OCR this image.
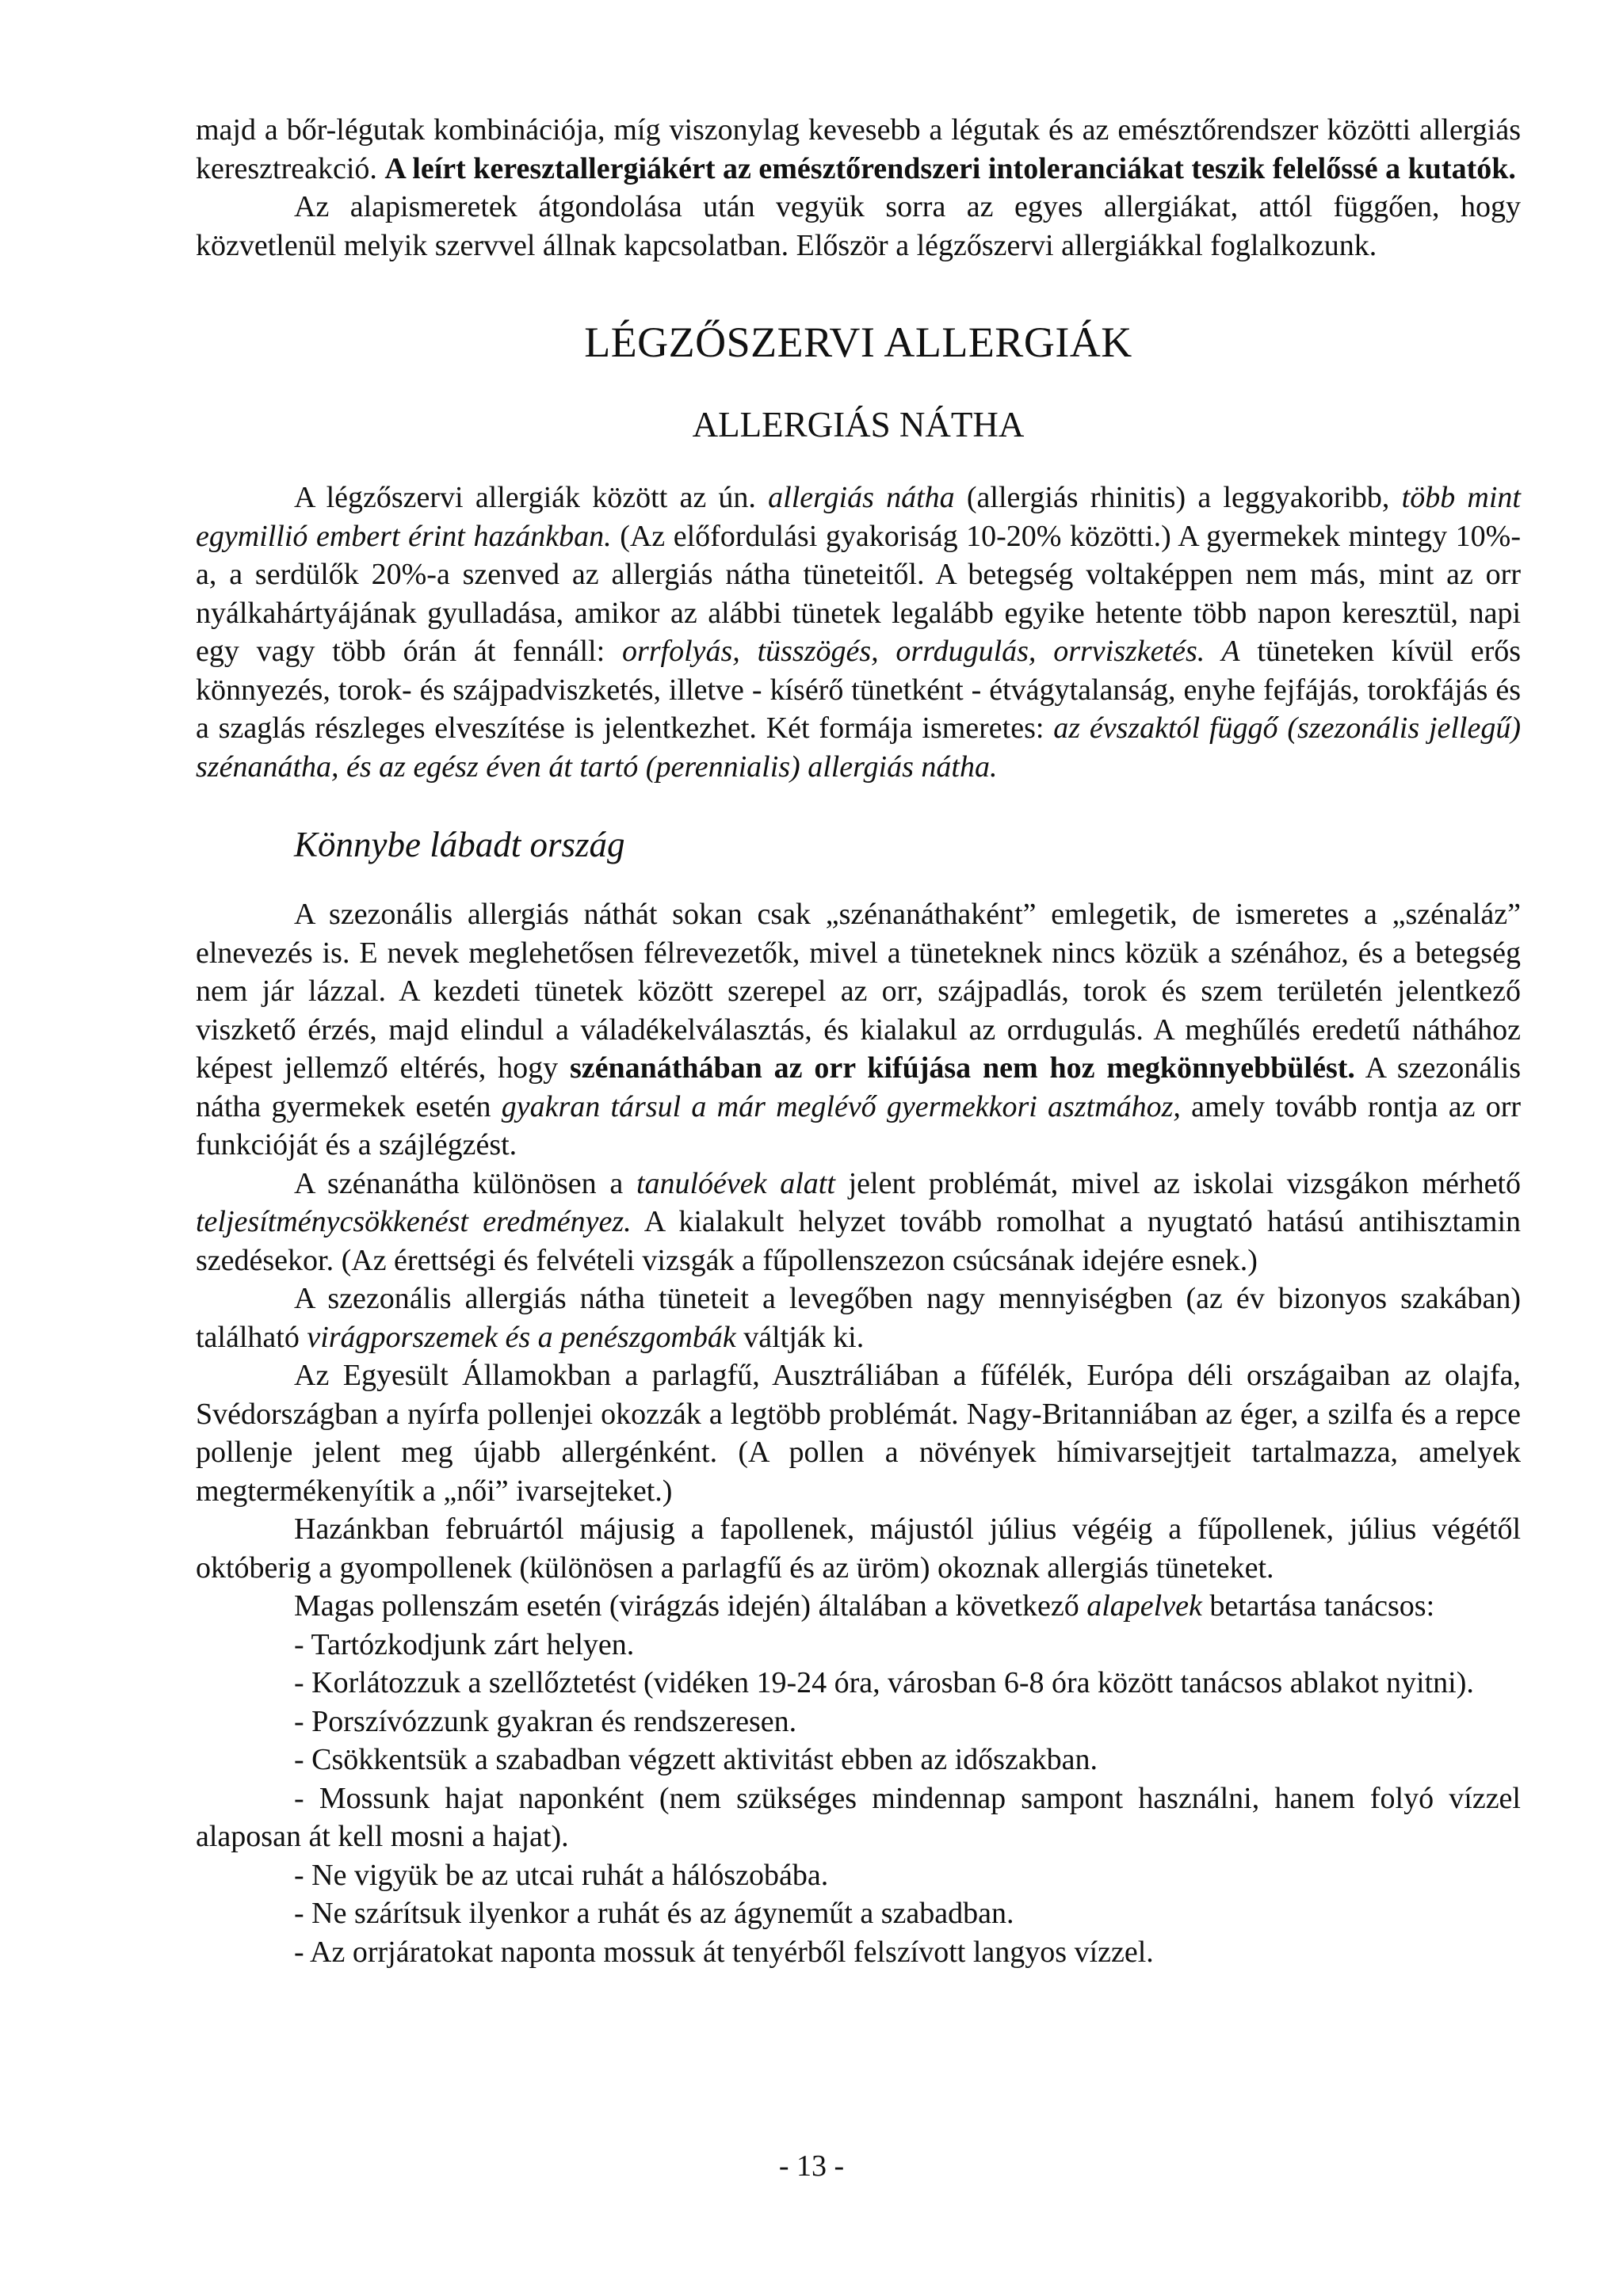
majd a bőr-légutak kombinációja, míg viszonylag kevesebb a légutak és az emésztőrendszer közötti allergiás keresztreakció. A leírt keresztallergiákért az emésztőrendszeri intoleranciákat teszik felelőssé a kutatók.

Az alapismeretek átgondolása után vegyük sorra az egyes allergiákat, attól függően, hogy közvetlenül melyik szervvel állnak kapcsolatban. Először a légzőszervi allergiákkal foglalkozunk.

LÉGZŐSZERVI ALLERGIÁK
ALLERGIÁS NÁTHA

A légzőszervi allergiák között az ún. allergiás nátha (allergiás rhinitis) a leggyakoribb, több mint egymillió embert érint hazánkban. (Az előfordulási gyakoriság 10-20% közötti.) A gyermekek mintegy 10%-a, a serdülők 20%-a szenved az allergiás nátha tüneteitől. A betegség voltaképpen nem más, mint az orr nyálkahártyájának gyulladása, amikor az alábbi tünetek legalább egyike hetente több napon keresztül, napi egy vagy több órán át fennáll: orrfolyás, tüsszögés, orrdugulás, orrviszketés. A tüneteken kívül erős könnyezés, torok- és szájpadviszketés, illetve - kísérő tünetként - étvágytalanság, enyhe fejfájás, torokfájás és a szaglás részleges elveszítése is jelentkezhet. Két formája ismeretes: az évszaktól függő (szezonális jellegű) szénanátha, és az egész éven át tartó (perennialis) allergiás nátha.

Könnybe lábadt ország

A szezonális allergiás náthát sokan csak „szénanáthaként” emlegetik, de ismeretes a „szénaláz” elnevezés is. E nevek meglehetősen félrevezetők, mivel a tüneteknek nincs közük a szénához, és a betegség nem jár lázzal. A kezdeti tünetek között szerepel az orr, szájpadlás, torok és szem területén jelentkező viszkető érzés, majd elindul a váladékelválasztás, és kialakul az orrdugulás. A meghűlés eredetű náthához képest jellemző eltérés, hogy szénanáthában az orr kifújása nem hoz megkönnyebbülést. A szezonális nátha gyermekek esetén gyakran társul a már meglévő gyermekkori asztmához, amely tovább rontja az orr funkcióját és a szájlégzést.

A szénanátha különösen a tanulóévek alatt jelent problémát, mivel az iskolai vizsgákon mérhető teljesítménycsökkenést eredményez. A kialakult helyzet tovább romolhat a nyugtató hatású antihisztamin szedésekor. (Az érettségi és felvételi vizsgák a fűpollenszezon csúcsának idejére esnek.)

A szezonális allergiás nátha tüneteit a levegőben nagy mennyiségben (az év bizonyos szakában) található virágporszemek és a penészgombák váltják ki.

Az Egyesült Államokban a parlagfű, Ausztráliában a fűfélék, Európa déli országaiban az olajfa, Svédországban a nyírfa pollenjei okozzák a legtöbb problémát. Nagy-Britanniában az éger, a szilfa és a repce pollenje jelent meg újabb allergénként. (A pollen a növények hímivarsejtjeit tartalmazza, amelyek megtermékenyítik a „női” ivarsejteket.)

Hazánkban februártól májusig a fapollenek, májustól július végéig a fűpollenek, július végétől októberig a gyompollenek (különösen a parlagfű és az üröm) okoznak allergiás tüneteket.

Magas pollenszám esetén (virágzás idején) általában a következő alapelvek betartása tanácsos:

- Tartózkodjunk zárt helyen.

- Korlátozzuk a szellőztetést (vidéken 19-24 óra, városban 6-8 óra között tanácsos ablakot nyitni).

- Porszívózzunk gyakran és rendszeresen.

- Csökkentsük a szabadban végzett aktivitást ebben az időszakban.

- Mossunk hajat naponként (nem szükséges mindennap sampont használni, hanem folyó vízzel alaposan át kell mosni a hajat).

- Ne vigyük be az utcai ruhát a hálószobába.

- Ne szárítsuk ilyenkor a ruhát és az ágyneműt a szabadban.

- Az orrjáratokat naponta mossuk át tenyérből felszívott langyos vízzel.

- 13 -
